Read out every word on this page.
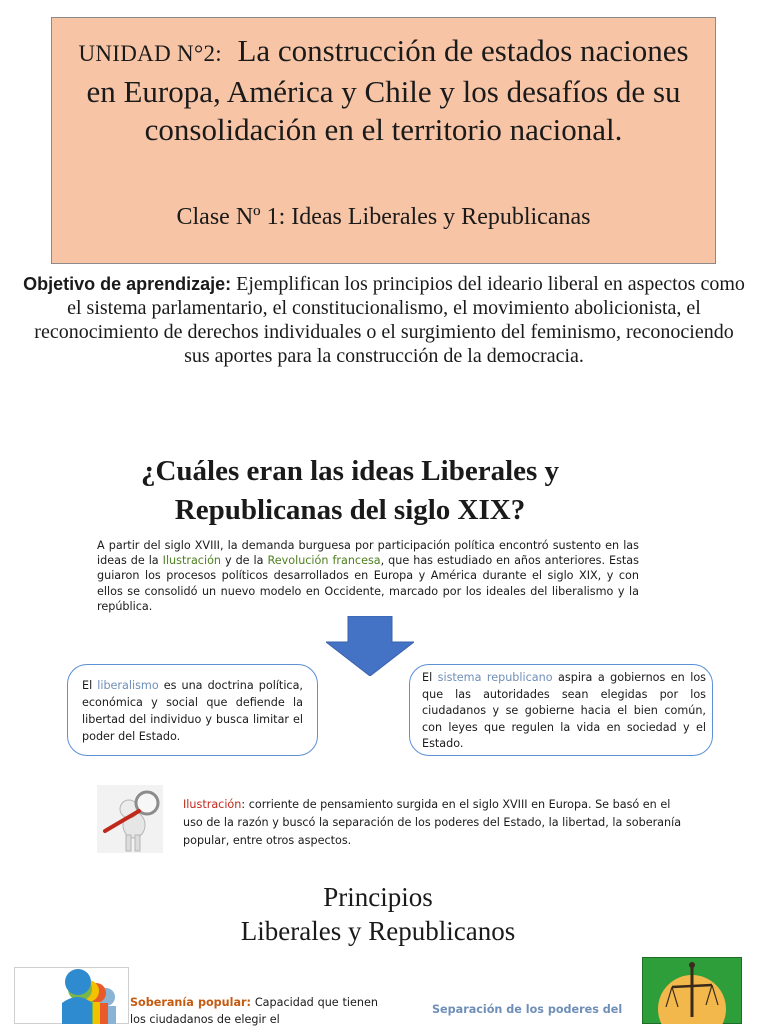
UNIDAD N°2: La construcción de estados naciones en Europa, América y Chile y los desafíos de su consolidación en el territorio nacional.
Clase Nº 1: Ideas Liberales y Republicanas
Objetivo de aprendizaje: Ejemplifican los principios del ideario liberal en aspectos como el sistema parlamentario, el constitucionalismo, el movimiento abolicionista, el reconocimiento de derechos individuales o el surgimiento del feminismo, reconociendo sus aportes para la construcción de la democracia.
¿Cuáles eran las ideas Liberales y
Republicanas del siglo XIX?
A partir del siglo XVIII, la demanda burguesa por participación política encontró sustento en las ideas de la Ilustración y de la Revolución francesa, que has estudiado en años anteriores. Estas guiaron los procesos políticos desarrollados en Europa y América durante el siglo XIX, y con ellos se consolidó un nuevo modelo en Occidente, marcado por los ideales del liberalismo y la república.
El liberalismo es una doctrina política, económica y social que defiende la libertad del individuo y busca limitar el poder del Estado.
El sistema republicano aspira a gobiernos en los que las autoridades sean elegidas por los ciudadanos y se gobierne hacia el bien común, con leyes que regulen la vida en sociedad y el Estado.
Ilustración: corriente de pensamiento surgida en el siglo XVIII en Europa. Se basó en el uso de la razón y buscó la separación de los poderes del Estado, la libertad, la soberanía popular, entre otros aspectos.
Principios
Liberales y Republicanos
Soberanía popular: Capacidad que tienen los ciudadanos de elegir el
Separación de los poderes del
